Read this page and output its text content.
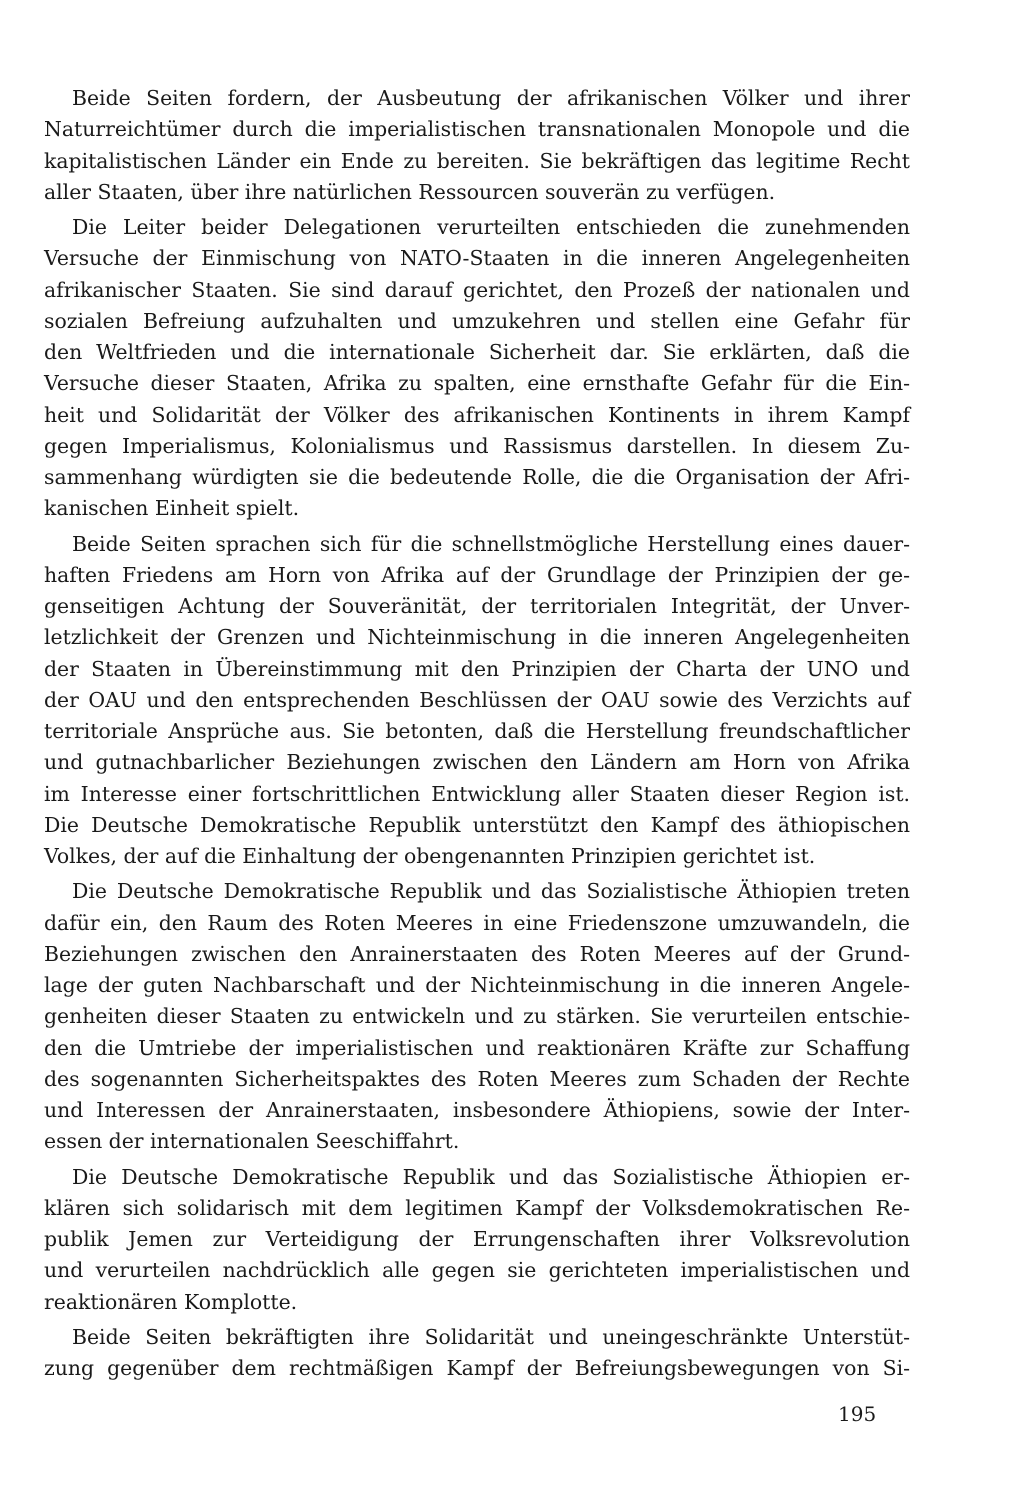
Beide Seiten fordern, der Ausbeutung der afrikanischen Völker und ihrer
Naturreichtümer durch die imperialistischen transnationalen Monopole und die
kapitalistischen Länder ein Ende zu bereiten. Sie bekräftigen das legitime Recht
aller Staaten, über ihre natürlichen Ressourcen souverän zu verfügen.

Die Leiter beider Delegationen verurteilten entschieden die zunehmenden
Versuche der Einmischung von NATO-Staaten in die inneren Angelegenheiten
afrikanischer Staaten. Sie sind darauf gerichtet, den Prozeß der nationalen und
sozialen Befreiung aufzuhalten und umzukehren und stellen eine Gefahr für
den Weltfrieden und die internationale Sicherheit dar. Sie erklärten, daß die
Versuche dieser Staaten, Afrika zu spalten, eine ernsthafte Gefahr für die Ein-
heit und Solidarität der Völker des afrikanischen Kontinents in ihrem Kampf
gegen Imperialismus, Kolonialismus und Rassismus darstellen. In diesem Zu-
sammenhang würdigten sie die bedeutende Rolle, die die Organisation der Afri-
kanischen Einheit spielt.

Beide Seiten sprachen sich für die schnellstmögliche Herstellung eines dauer-
haften Friedens am Horn von Afrika auf der Grundlage der Prinzipien der ge-
genseitigen Achtung der Souveränität, der territorialen Integrität, der Unver-
letzlichkeit der Grenzen und Nichteinmischung in die inneren Angelegenheiten
der Staaten in Übereinstimmung mit den Prinzipien der Charta der UNO und
der OAU und den entsprechenden Beschlüssen der OAU sowie des Verzichts auf
territoriale Ansprüche aus. Sie betonten, daß die Herstellung freundschaftlicher
und gutnachbarlicher Beziehungen zwischen den Ländern am Horn von Afrika
im Interesse einer fortschrittlichen Entwicklung aller Staaten dieser Region ist.
Die Deutsche Demokratische Republik unterstützt den Kampf des äthiopischen
Volkes, der auf die Einhaltung der obengenannten Prinzipien gerichtet ist.

Die Deutsche Demokratische Republik und das Sozialistische Äthiopien treten
dafür ein, den Raum des Roten Meeres in eine Friedenszone umzuwandeln, die
Beziehungen zwischen den Anrainerstaaten des Roten Meeres auf der Grund-
lage der guten Nachbarschaft und der Nichteinmischung in die inneren Angele-
genheiten dieser Staaten zu entwickeln und zu stärken. Sie verurteilen entschie-
den die Umtriebe der imperialistischen und reaktionären Kräfte zur Schaffung
des sogenannten Sicherheitspaktes des Roten Meeres zum Schaden der Rechte
und Interessen der Anrainerstaaten, insbesondere Äthiopiens, sowie der Inter-
essen der internationalen Seeschiffahrt.

Die Deutsche Demokratische Republik und das Sozialistische Äthiopien er-
klären sich solidarisch mit dem legitimen Kampf der Volksdemokratischen Re-
publik Jemen zur Verteidigung der Errungenschaften ihrer Volksrevolution
und verurteilen nachdrücklich alle gegen sie gerichteten imperialistischen und
reaktionären Komplotte.

Beide Seiten bekräftigten ihre Solidarität und uneingeschränkte Unterstüt-
zung gegenüber dem rechtmäßigen Kampf der Befreiungsbewegungen von Si-

195
